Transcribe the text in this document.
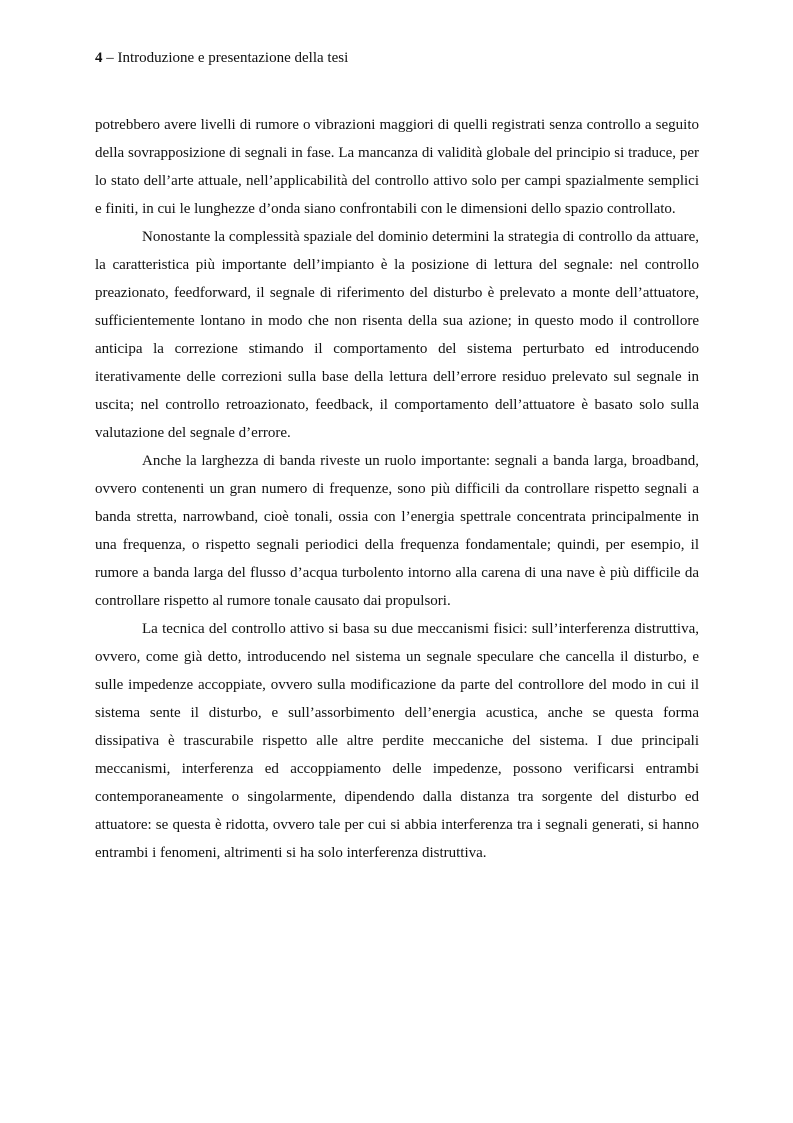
4 – Introduzione e presentazione della tesi

potrebbero avere livelli di rumore o vibrazioni maggiori di quelli registrati senza controllo a seguito della sovrapposizione di segnali in fase. La mancanza di validità globale del principio si traduce, per lo stato dell’arte attuale, nell’applicabilità del controllo attivo solo per campi spazialmente semplici e finiti, in cui le lunghezze d’onda siano confrontabili con le dimensioni dello spazio controllato.

Nonostante la complessità spaziale del dominio determini la strategia di controllo da attuare, la caratteristica più importante dell’impianto è la posizione di lettura del segnale: nel controllo preazionato, feedforward, il segnale di riferimento del disturbo è prelevato a monte dell’attuatore, sufficientemente lontano in modo che non risenta della sua azione; in questo modo il controllore anticipa la correzione stimando il comportamento del sistema perturbato ed introducendo iterativamente delle correzioni sulla base della lettura dell’errore residuo prelevato sul segnale in uscita; nel controllo retroazionato, feedback, il comportamento dell’attuatore è basato solo sulla valutazione del segnale d’errore.

Anche la larghezza di banda riveste un ruolo importante: segnali a banda larga, broadband, ovvero contenenti un gran numero di frequenze, sono più difficili da controllare rispetto segnali a banda stretta, narrowband, cioè tonali, ossia con l’energia spettrale concentrata principalmente in una frequenza, o rispetto segnali periodici della frequenza fondamentale; quindi, per esempio, il rumore a banda larga del flusso d’acqua turbolento intorno alla carena di una nave è più difficile da controllare rispetto al rumore tonale causato dai propulsori.

La tecnica del controllo attivo si basa su due meccanismi fisici: sull’interferenza distruttiva, ovvero, come già detto, introducendo nel sistema un segnale speculare che cancella il disturbo, e sulle impedenze accoppiate, ovvero sulla modificazione da parte del controllore del modo in cui il sistema sente il disturbo, e sull’assorbimento dell’energia acustica, anche se questa forma dissipativa è trascurabile rispetto alle altre perdite meccaniche del sistema. I due principali meccanismi, interferenza ed accoppiamento delle impedenze, possono verificarsi entrambi contemporaneamente o singolarmente, dipendendo dalla distanza tra sorgente del disturbo ed attuatore: se questa è ridotta, ovvero tale per cui si abbia interferenza tra i segnali generati, si hanno entrambi i fenomeni, altrimenti si ha solo interferenza distruttiva.
